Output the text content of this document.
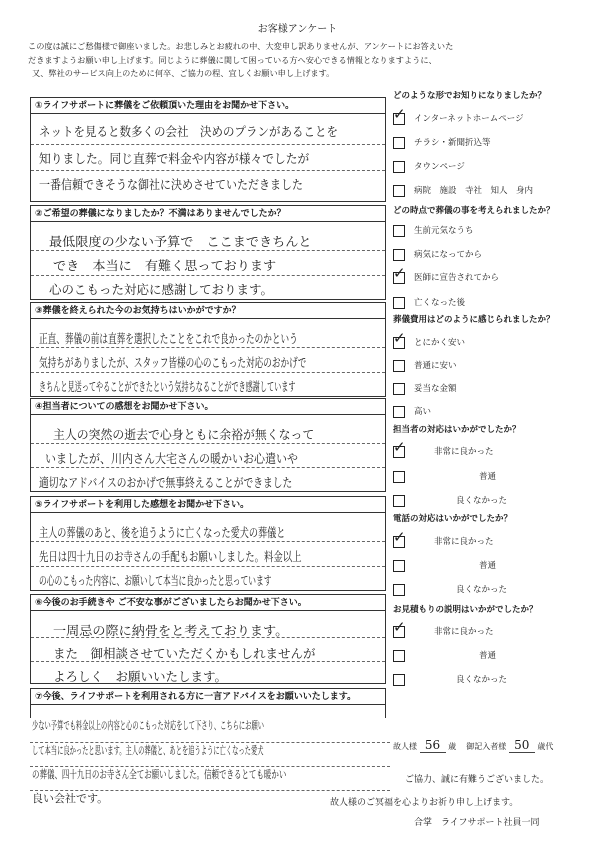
お客様アンケート
この度は誠にご愁傷様で御座いました。お悲しみとお疲れの中、大変申し訳ありませんが、アンケートにお答えいた
だきますようお願い申し上げます。同じように葬儀に関して困っている方へ安心できる情報となりますように、
又、弊社のサービス向上のために何卒、ご協力の程、宜しくお願い申し上げます。
①ライフサポートに葬儀をご依頼頂いた理由をお聞かせ下さい。
ネットを見ると数多くの会社　決めのプランがあることを
知りました。同じ直葬で料金や内容が様々でしたが
一番信頼できそうな御社に決めさせていただきました
②ご希望の葬儀になりましたか？不満はありませんでしたか？
最低限度の少ない予算で　ここまできちんと
でき　本当に　有難く思っております
心のこもった対応に感謝しております。
③葬儀を終えられた今のお気持ちはいかがですか？
正直、葬儀の前は直葬を選択したことをこれで良かったのかという
気持ちがありましたが、スタッフ皆様の心のこもった対応のおかげで
きちんと見送ってやることができたという気持ちなることができ感謝しています
④担当者についての感想をお聞かせ下さい。
主人の突然の逝去で心身ともに余裕が無くなって
いましたが、川内さん大宅さんの暖かいお心遣いや
適切なアドバイスのおかげで無事終えることができました
⑤ライフサポートを利用した感想をお聞かせ下さい。
主人の葬儀のあと、後を追うように亡くなった愛犬の葬儀と
先日は四十九日のお寺さんの手配もお願いしました。料金以上
の心のこもった内容に、お願いして本当に良かったと思っています
⑥今後のお手続きや ご不安な事がございましたらお聞かせ下さい。
一周忌の際に納骨をと考えております。
また　御相談させていただくかもしれませんが
よろしく　お願いいたします。
⑦今後、ライフサポートを利用される方に一言アドバイスをお願いいたします。
少ない予算でも料金以上の内容と心のこもった対応をして下さり、こちらにお願い
して本当に良かったと思います。主人の葬儀と、あとを追うように亡くなった愛犬
の葬儀、四十九日のお寺さん全てお願いしました。信頼できるとても暖かい
良い会社です。
どのような形でお知りになりましたか？
✓ インターネットホームページ
チラシ・新聞折込等
タウンページ
病院　施設　寺社　知人　身内
どの時点で葬儀の事を考えられましたか？
生前元気なうち
病気になってから
✓ 医師に宣告されてから
亡くなった後
葬儀費用はどのように感じられましたか？
✓ とにかく安い
普通に安い
妥当な金額
高い
担当者の対応はいかがでしたか？
✓	非常に良かった
普通
良くなかった
電話の対応はいかがでしたか？
✓	非常に良かった
普通
良くなかった
お見積もりの説明はいかがでしたか？
✓	非常に良かった
普通
良くなかった
故人様 56 歳 御記入者様 50 歳代
ご協力、誠に有難うございました。
故人様のご冥福を心よりお祈り申し上げます。
合掌　ライフサポート社員一同
